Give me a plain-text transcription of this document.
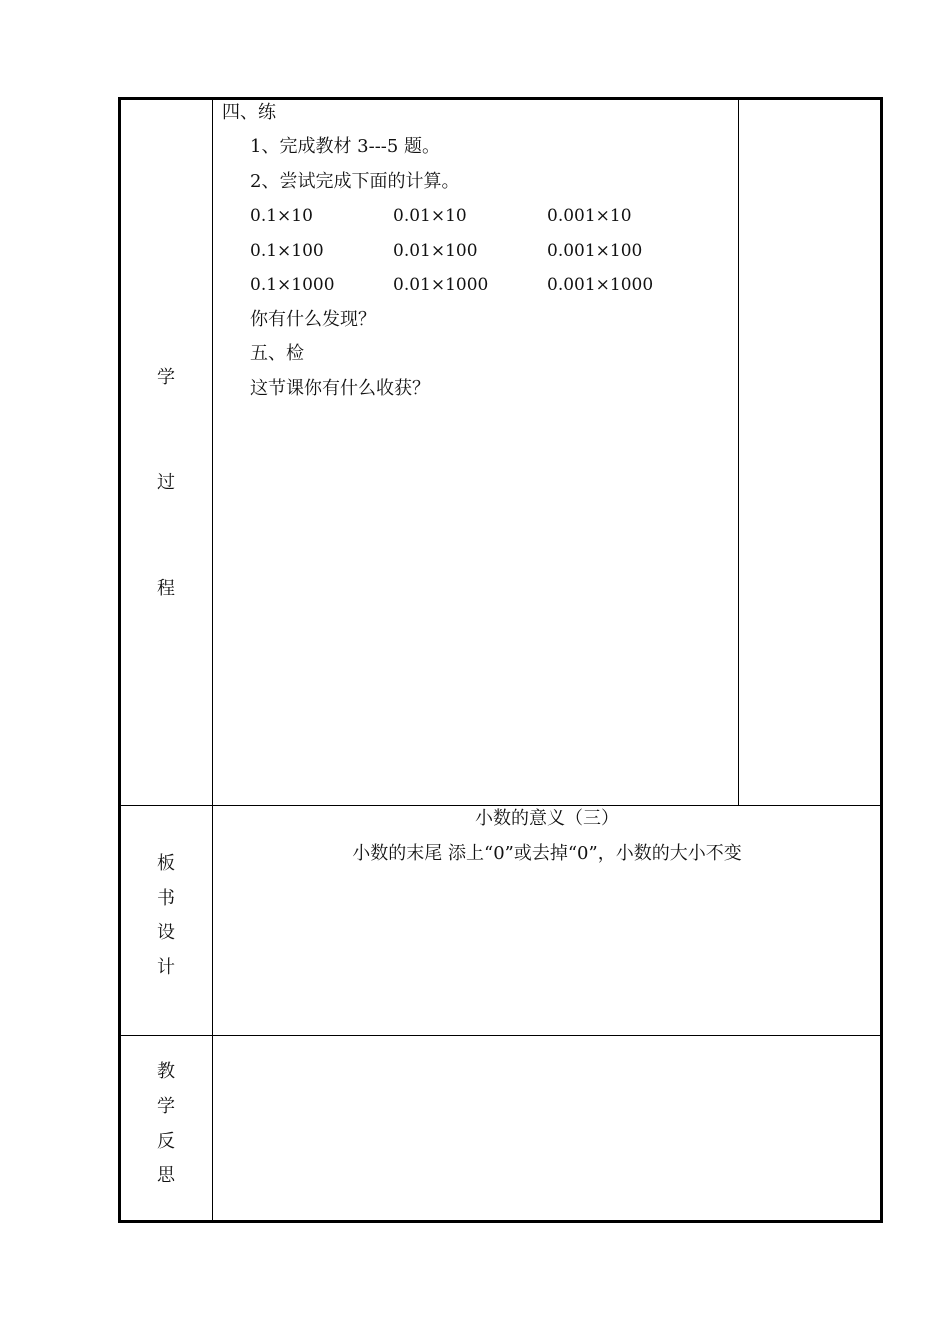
学
过
程
四、练
1、完成教材 3---5 题。
2、尝试完成下面的计算。
0.1×10	0.01×10	0.001×10
0.1×100	0.01×100	0.001×100
0.1×1000	0.01×1000	0.001×1000
你有什么发现？
五、检
这节课你有什么收获？
板
书
设
计
小数的意义（三）
小数的末尾 添上“0”或去掉“0”，小数的大小不变
教
学
反
思
